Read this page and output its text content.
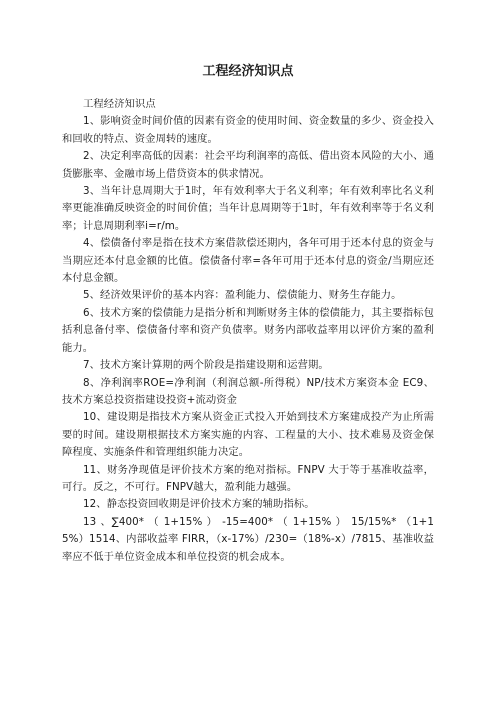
工程经济知识点

工程经济知识点

1、影响资金时间价值的因素有资金的使用时间、资金数量的多少、资金投入和回收的特点、资金周转的速度。

2、决定利率高低的因素：社会平均利润率的高低、借出资本风险的大小、通货膨胀率、金融市场上借贷资本的供求情况。

3、当年计息周期大于1时，年有效利率大于名义利率；年有效利率比名义利率更能准确反映资金的时间价值；当年计息周期等于1时，年有效利率等于名义利率；计息周期利率i=r/m。

4、偿债备付率是指在技术方案借款偿还期内，各年可用于还本付息的资金与当期应还本付息金额的比值。偿债备付率=各年可用于还本付息的资金/当期应还本付息金额。

5、经济效果评价的基本内容：盈利能力、偿债能力、财务生存能力。

6、技术方案的偿债能力是指分析和判断财务主体的偿债能力，其主要指标包括利息备付率、偿债备付率和资产负债率。财务内部收益率用以评价方案的盈利能力。

7、技术方案计算期的两个阶段是指建设期和运营期。

8、净利润率ROE=净利润（利润总额-所得税）NP/技术方案资本金 EC9、技术方案总投资指建设投资+流动资金

10、建设期是指技术方案从资金正式投入开始到技术方案建成投产为止所需要的时间。建设期根据技术方案实施的内容、工程量的大小、技术难易及资金保障程度、实施条件和管理组织能力决定。

11、财务净现值是评价技术方案的绝对指标。FNPV 大于等于基准收益率，可行。反之，不可行。FNPV越大，盈利能力越强。

12、静态投资回收期是评价技术方案的辅助指标。

13 、∑400* （ 1+15% ） -15=400* （ 1+15% ） 15/15%* （1+15%）1514、内部收益率 FIRR，（x-17%）/230=（18%-x）/7815、基准收益率应不低于单位资金成本和单位投资的机会成本。
